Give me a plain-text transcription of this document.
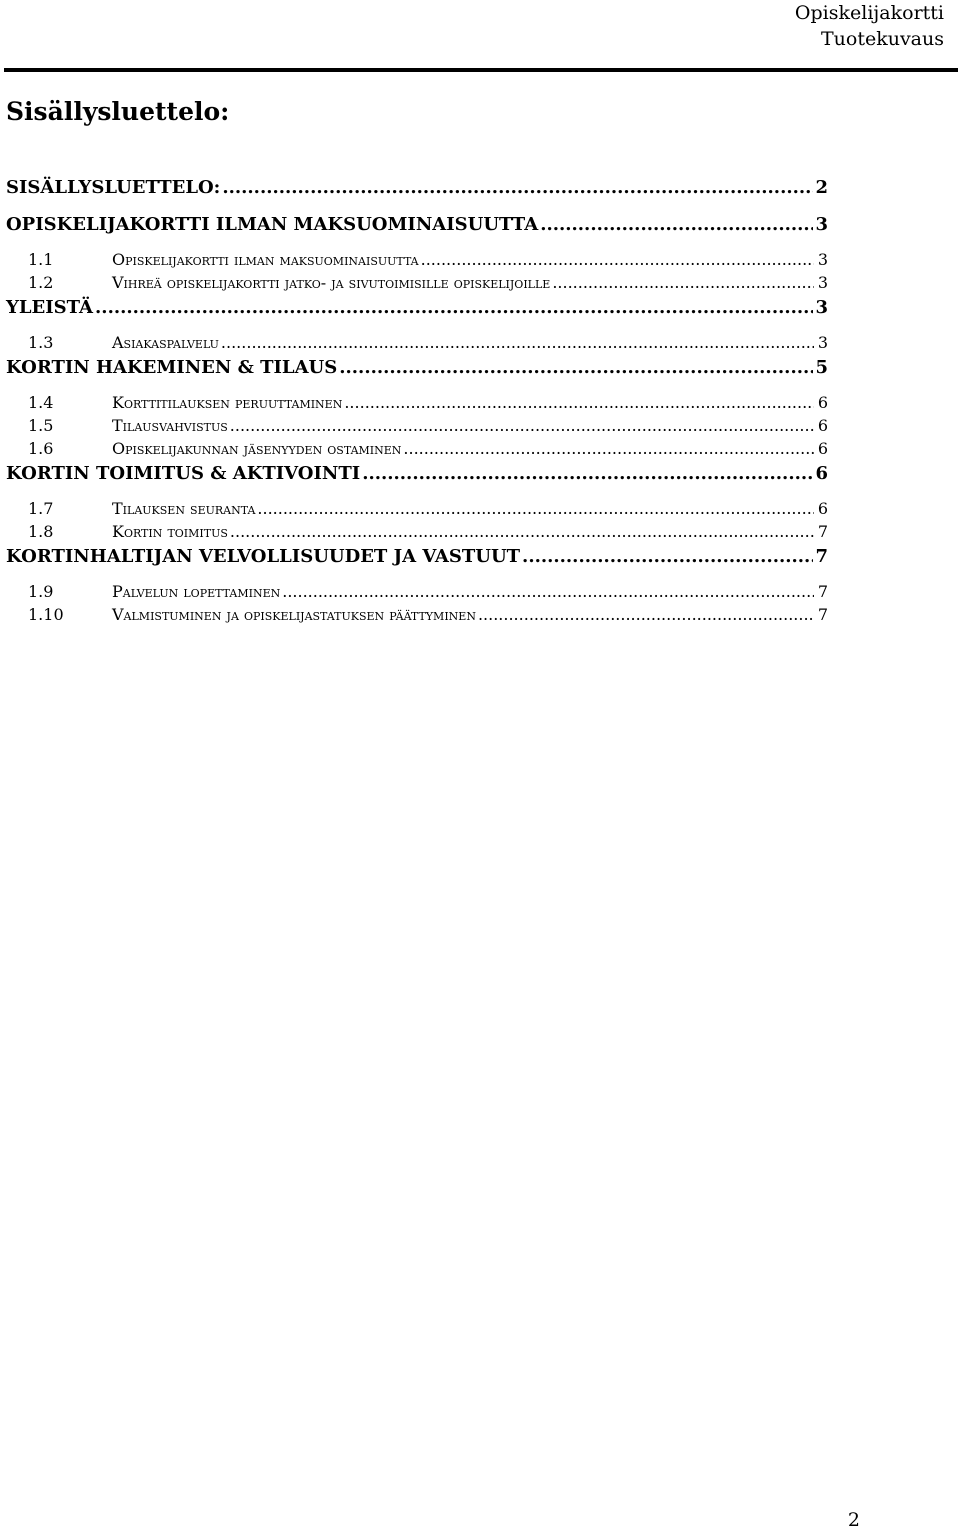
Opiskelijakortti
Tuotekuvaus
Sisällysluettelo:
SISÄLLYSLUETTELO: .....	2
OPISKELIJAKORTTI ILMAN MAKSUOMINAISUUTTA .....	3
1.1	Opiskelijakortti ilman maksuominaisuutta .....	3
1.2	Vihreä opiskelijakortti jatko- ja sivutoimisille opiskelijoille .....	3
YLEISTÄ .....	3
1.3	Asiakaspalvelu .....	3
KORTIN HAKEMINEN & TILAUS .....	5
1.4	Korttitilauksen peruuttaminen .....	6
1.5	Tilausvahvistus .....	6
1.6	Opiskelijakunnan jäsenyyden ostaminen .....	6
KORTIN TOIMITUS & AKTIVOINTI .....	6
1.7	Tilauksen seuranta .....	6
1.8	Kortin toimitus .....	7
KORTINHALTIJAN VELVOLLISUUDET JA VASTUUT .....	7
1.9	Palvelun lopettaminen .....	7
1.10	Valmistuminen ja opiskelijastatuksen päättyminen .....	7
2
